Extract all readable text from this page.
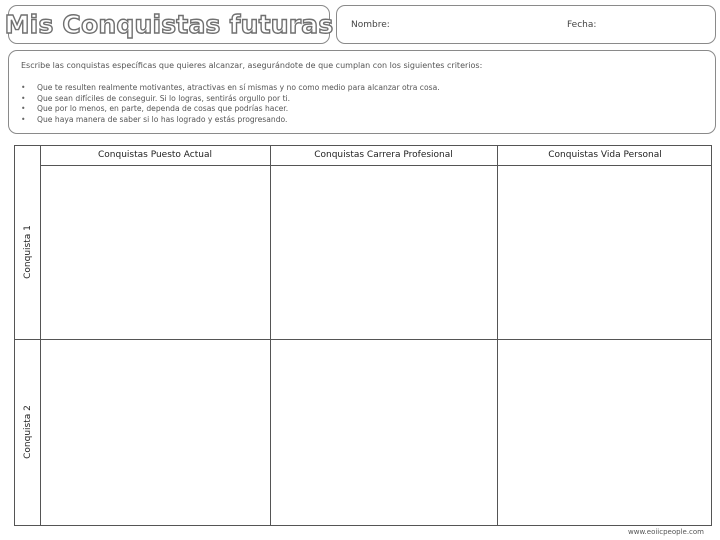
Mis Conquistas futuras Nombre:	Fecha:
Escribe las conquistas específicas que quieres alcanzar, asegurándote de que cumplan con los siguientes criterios:
• Que te resulten realmente motivantes, atractivas en sí mismas y no como medio para alcanzar otra cosa.
• Que sean difíciles de conseguir. Si lo logras, sentirás orgullo por ti.
• Que por lo menos, en parte, dependa de cosas que podrías hacer.
• Que haya manera de saber si lo has logrado y estás progresando.
Conquistas Puesto Actual	Conquistas Carrera Profesional	Conquistas Vida Personal
Conquista 1
Conquista 2
www.eoiicpeople.com
